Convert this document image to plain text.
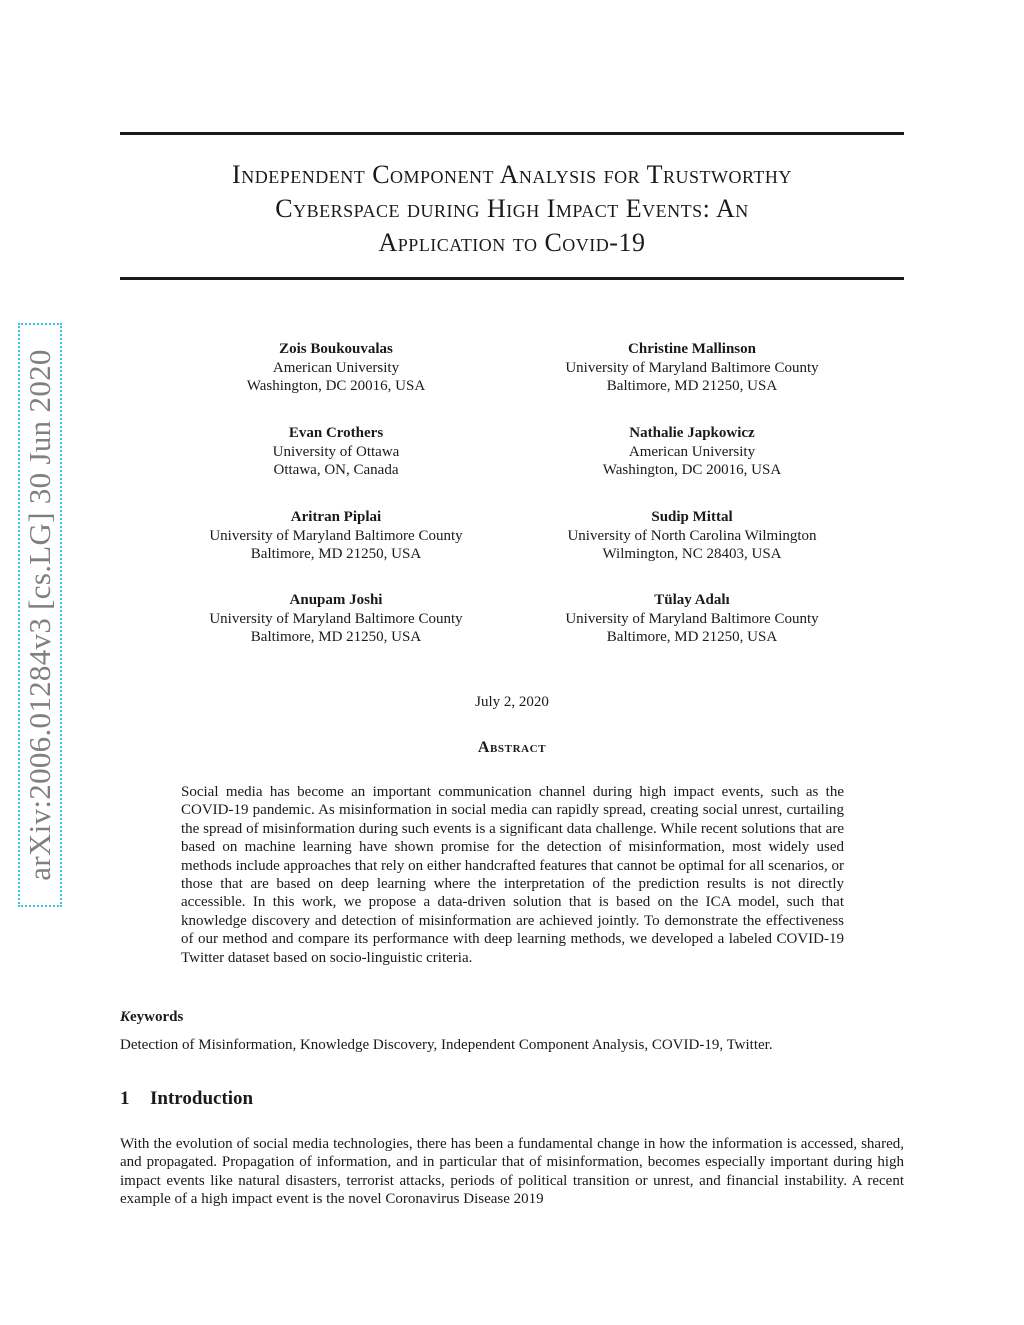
arXiv:2006.01284v3 [cs.LG] 30 Jun 2020
Independent Component Analysis for Trustworthy
Cyberspace during High Impact Events: An
Application to Covid-19
Zois Boukouvalas
American University
Washington, DC 20016, USA
Christine Mallinson
University of Maryland Baltimore County
Baltimore, MD 21250, USA
Evan Crothers
University of Ottawa
Ottawa, ON, Canada
Nathalie Japkowicz
American University
Washington, DC 20016, USA
Aritran Piplai
University of Maryland Baltimore County
Baltimore, MD 21250, USA
Sudip Mittal
University of North Carolina Wilmington
Wilmington, NC 28403, USA
Anupam Joshi
University of Maryland Baltimore County
Baltimore, MD 21250, USA
Tülay Adalı
University of Maryland Baltimore County
Baltimore, MD 21250, USA
July 2, 2020
Abstract
Social media has become an important communication channel during high impact events, such as the COVID-19 pandemic. As misinformation in social media can rapidly spread, creating social unrest, curtailing the spread of misinformation during such events is a significant data challenge. While recent solutions that are based on machine learning have shown promise for the detection of misinformation, most widely used methods include approaches that rely on either handcrafted features that cannot be optimal for all scenarios, or those that are based on deep learning where the interpretation of the prediction results is not directly accessible. In this work, we propose a data-driven solution that is based on the ICA model, such that knowledge discovery and detection of misinformation are achieved jointly. To demonstrate the effectiveness of our method and compare its performance with deep learning methods, we developed a labeled COVID-19 Twitter dataset based on socio-linguistic criteria.
Keywords
Detection of Misinformation, Knowledge Discovery, Independent Component Analysis, COVID-19, Twitter.
1 Introduction
With the evolution of social media technologies, there has been a fundamental change in how the information is accessed, shared, and propagated. Propagation of information, and in particular that of misinformation, becomes especially important during high impact events like natural disasters, terrorist attacks, periods of political transition or unrest, and financial instability. A recent example of a high impact event is the novel Coronavirus Disease 2019
